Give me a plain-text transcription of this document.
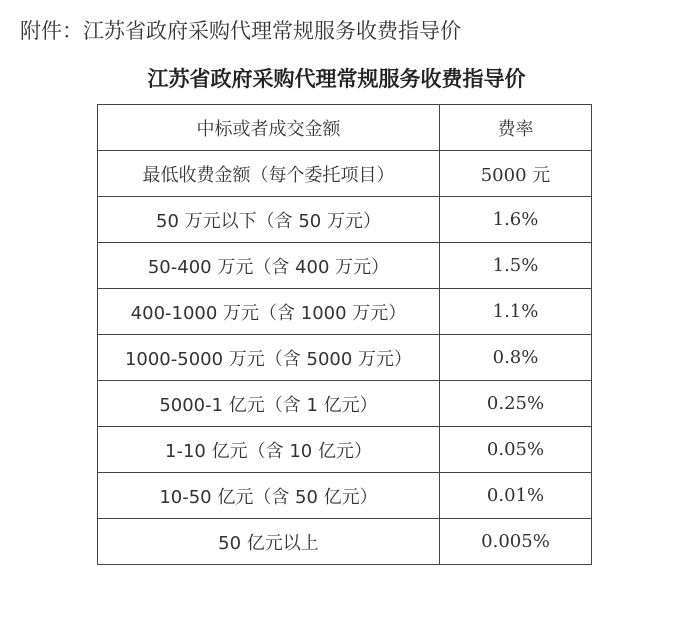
附件：江苏省政府采购代理常规服务收费指导价
江苏省政府采购代理常规服务收费指导价
中标或者成交金额	费率
最低收费金额（每个委托项目）	5000 元
50 万元以下（含 50 万元）	1.6%
50-400 万元（含 400 万元）	1.5%
400-1000 万元（含 1000 万元）	1.1%
1000-5000 万元（含 5000 万元）	0.8%
5000-1 亿元（含 1 亿元）	0.25%
1-10 亿元（含 10 亿元）	0.05%
10-50 亿元（含 50 亿元）	0.01%
50 亿元以上	0.005%
